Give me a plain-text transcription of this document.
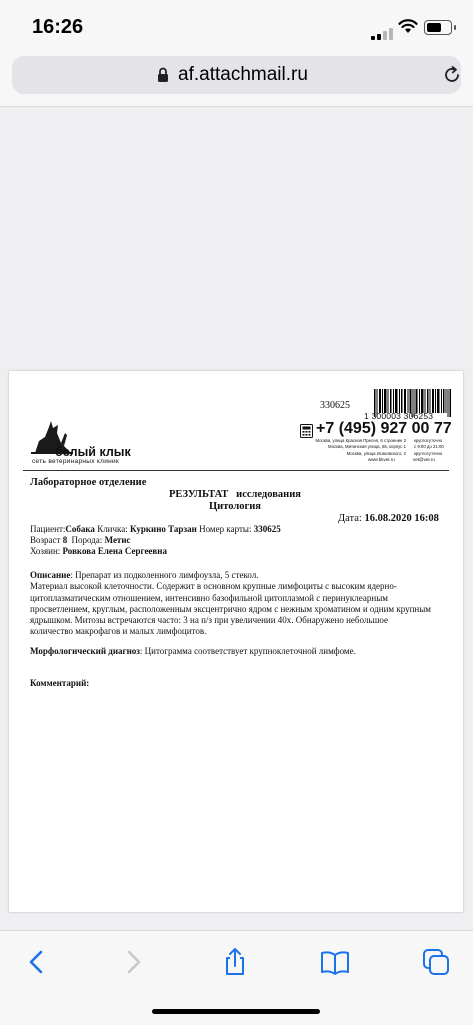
16:26
af.attachmail.ru
330625
1 300003 306253
белый клык
сеть ветеринарных клиник
+7 (495) 927 00 77
Москва, улица Красная Пресня, 6 строение 2
Москва, Митинская улица, 55, корпус 1
Москва, улица Исаковского, 2
круглосуточно
с 9:00 до 21:00
круглосуточно
www.bkvet.ru	vet@vet.ru
Лабораторное отделение
РЕЗУЛЬТАТ   исследования
Цитология
Дата: 16.08.2020 16:08
Пациент:Собака Кличка: Куркино Тарзан Номер карты: 330625
Возраст 8 Порода: Метис
Хозяин: Ровкова Елена Сергеевна
Описание: Препарат из подколенного лимфоузла, 5 стекол.
Материал высокой клеточности. Содержит в основном крупные лимфоциты с высоким ядерно-
цитоплазматическим отношением, интенсивно базофильной цитоплазмой с перинуклеарным
просветлением, круглым, расположенным эксцентрично ядром с нежным хроматином и одним крупным
ядрышком. Митозы встречаются часто: 3 на п/з при увеличении 40х. Обнаружено небольшое
количество макрофагов и малых лимфоцитов.
Морфологический диагноз: Цитограмма соответствует крупноклеточной лимфоме.
Комментарий:
